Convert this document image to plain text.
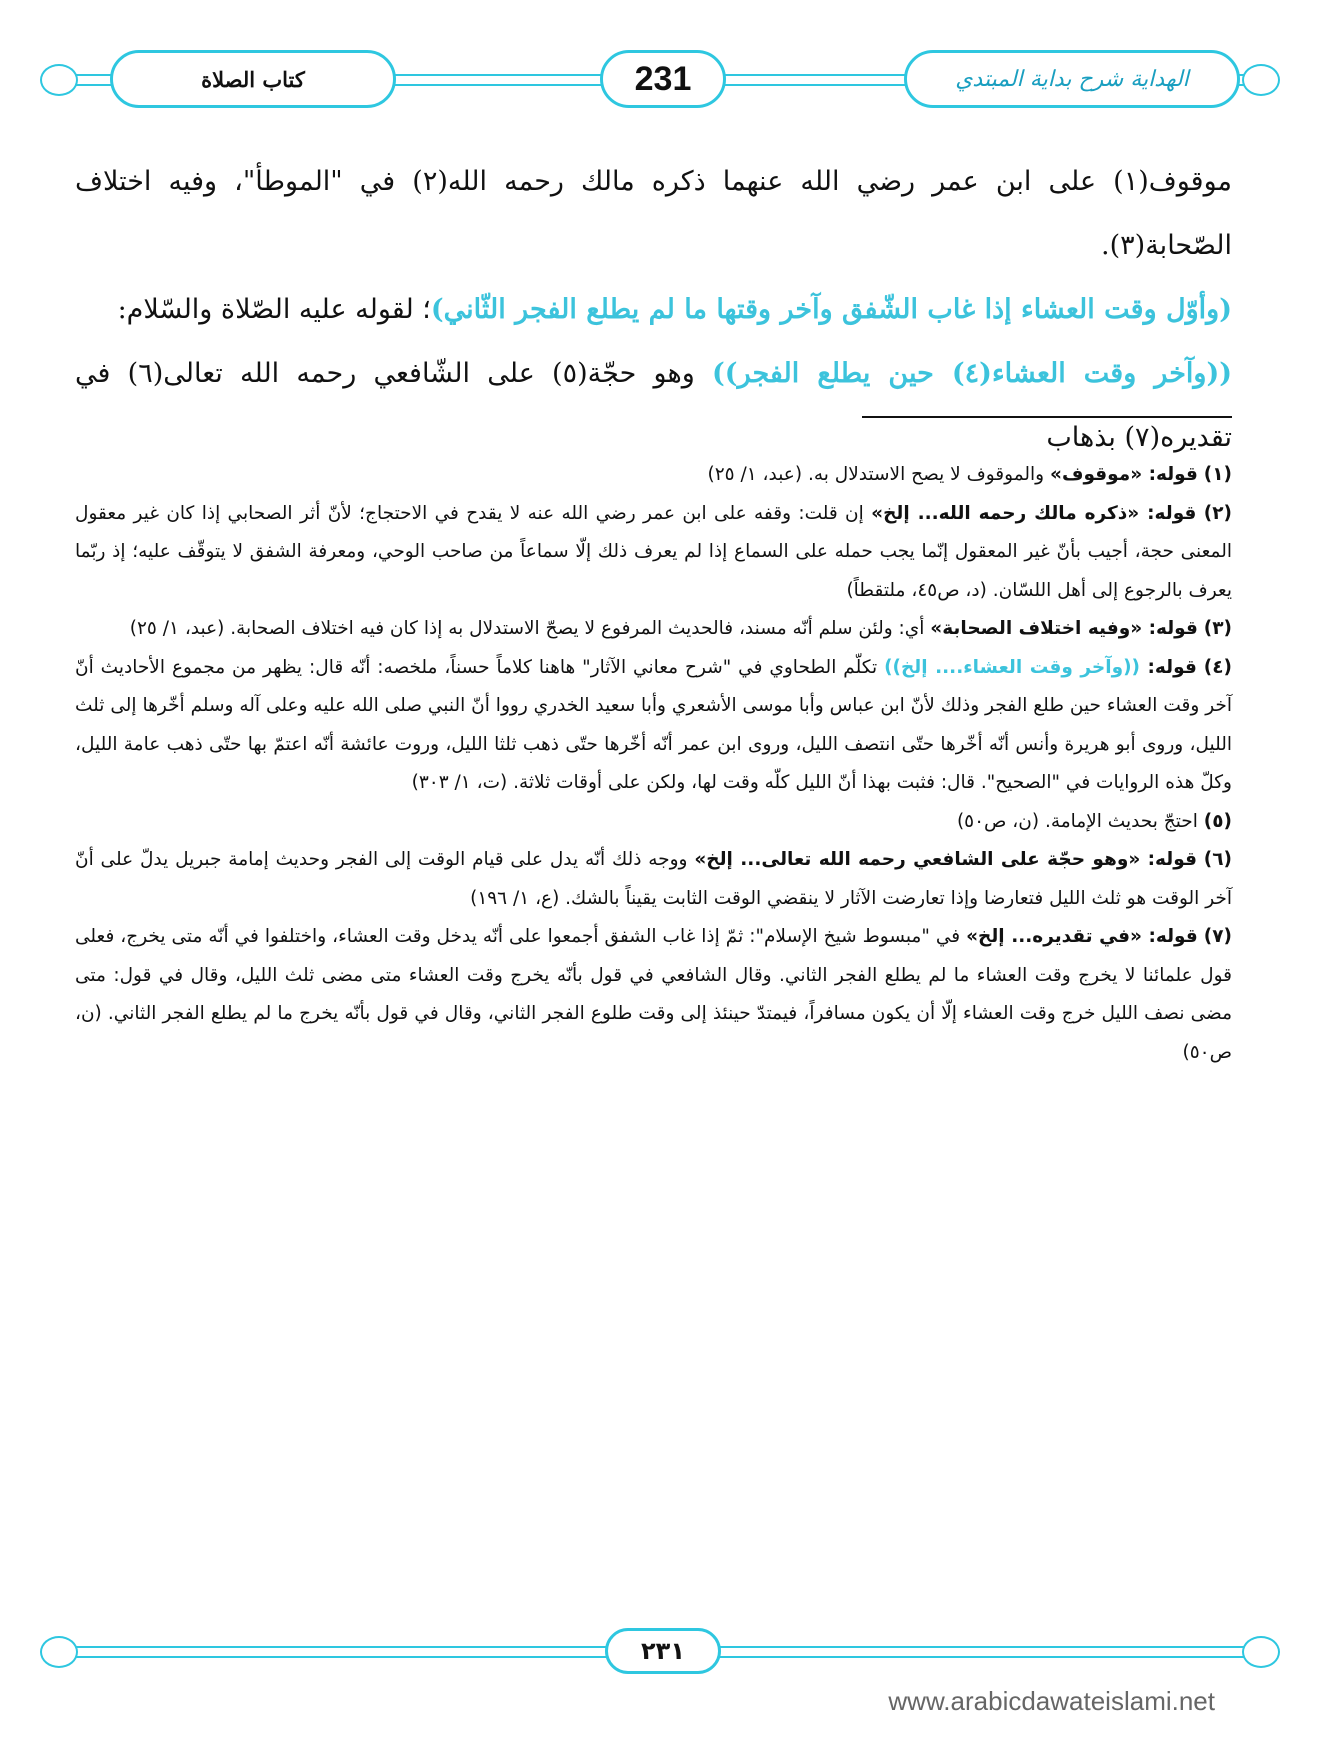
كتاب الصلاة	231	الهداية شرح بداية المبتدي

موقوف(١) على ابن عمر رضي الله عنهما ذكره مالك رحمه الله(٢) في "الموطأ"، وفيه اختلاف الصّحابة(٣).

(وأوّل وقت العشاء إذا غاب الشّفق وآخر وقتها ما لم يطلع الفجر الثّاني)؛ لقوله عليه الصّلاة والسّلام:

((وآخر وقت العشاء(٤) حين يطلع الفجر)) وهو حجّة(٥) على الشّافعي رحمه الله تعالى(٦) في تقديره(٧) بذهاب

(١) قوله: «موقوف» والموقوف لا يصح الاستدلال به. (عبد، ١/ ٢٥)

(٢) قوله: «ذكره مالك رحمه الله... إلخ» إن قلت: وقفه على ابن عمر رضي الله عنه لا يقدح في الاحتجاج؛ لأنّ أثر الصحابي إذا كان غير معقول المعنى حجة، أجيب بأنّ غير المعقول إنّما يجب حمله على السماع إذا لم يعرف ذلك إلّا سماعاً من صاحب الوحي، ومعرفة الشفق لا يتوقّف عليه؛ إذ ربّما يعرف بالرجوع إلى أهل اللسّان. (د، ص٤٥، ملتقطاً)

(٣) قوله: «وفيه اختلاف الصحابة» أي: ولئن سلم أنّه مسند، فالحديث المرفوع لا يصحّ الاستدلال به إذا كان فيه اختلاف الصحابة. (عبد، ١/ ٢٥)

(٤) قوله: ((وآخر وقت العشاء.... إلخ)) تكلّم الطحاوي في "شرح معاني الآثار" هاهنا كلاماً حسناً، ملخصه: أنّه قال: يظهر من مجموع الأحاديث أنّ آخر وقت العشاء حين طلع الفجر وذلك لأنّ ابن عباس وأبا موسى الأشعري وأبا سعيد الخدري رووا أنّ النبي صلى الله عليه وعلى آله وسلم أخّرها إلى ثلث الليل، وروى أبو هريرة وأنس أنّه أخّرها حتّى انتصف الليل، وروى ابن عمر أنّه أخّرها حتّى ذهب ثلثا الليل، وروت عائشة أنّه اعتمّ بها حتّى ذهب عامة الليل، وكلّ هذه الروايات في "الصحيح". قال: فثبت بهذا أنّ الليل كلّه وقت لها، ولكن على أوقات ثلاثة. (ت، ١/ ٣٠٣)

(٥) احتجّ بحديث الإمامة. (ن، ص٥٠)

(٦) قوله: «وهو حجّة على الشافعي رحمه الله تعالى... إلخ» ووجه ذلك أنّه يدل على قيام الوقت إلى الفجر وحديث إمامة جبريل يدلّ على أنّ آخر الوقت هو ثلث الليل فتعارضا وإذا تعارضت الآثار لا ينقضي الوقت الثابت يقيناً بالشك. (ع، ١/ ١٩٦)

(٧) قوله: «في تقديره... إلخ» في "مبسوط شيخ الإسلام": ثمّ إذا غاب الشفق أجمعوا على أنّه يدخل وقت العشاء، واختلفوا في أنّه متى يخرج، فعلى قول علمائنا لا يخرج وقت العشاء ما لم يطلع الفجر الثاني. وقال الشافعي في قول بأنّه يخرج وقت العشاء متى مضى ثلث الليل، وقال في قول: متى مضى نصف الليل خرج وقت العشاء إلّا أن يكون مسافراً، فيمتدّ حينئذ إلى وقت طلوع الفجر الثاني، وقال في قول بأنّه يخرج ما لم يطلع الفجر الثاني. (ن، ص٥٠)

٢٣١
www.arabicdawateislami.net
